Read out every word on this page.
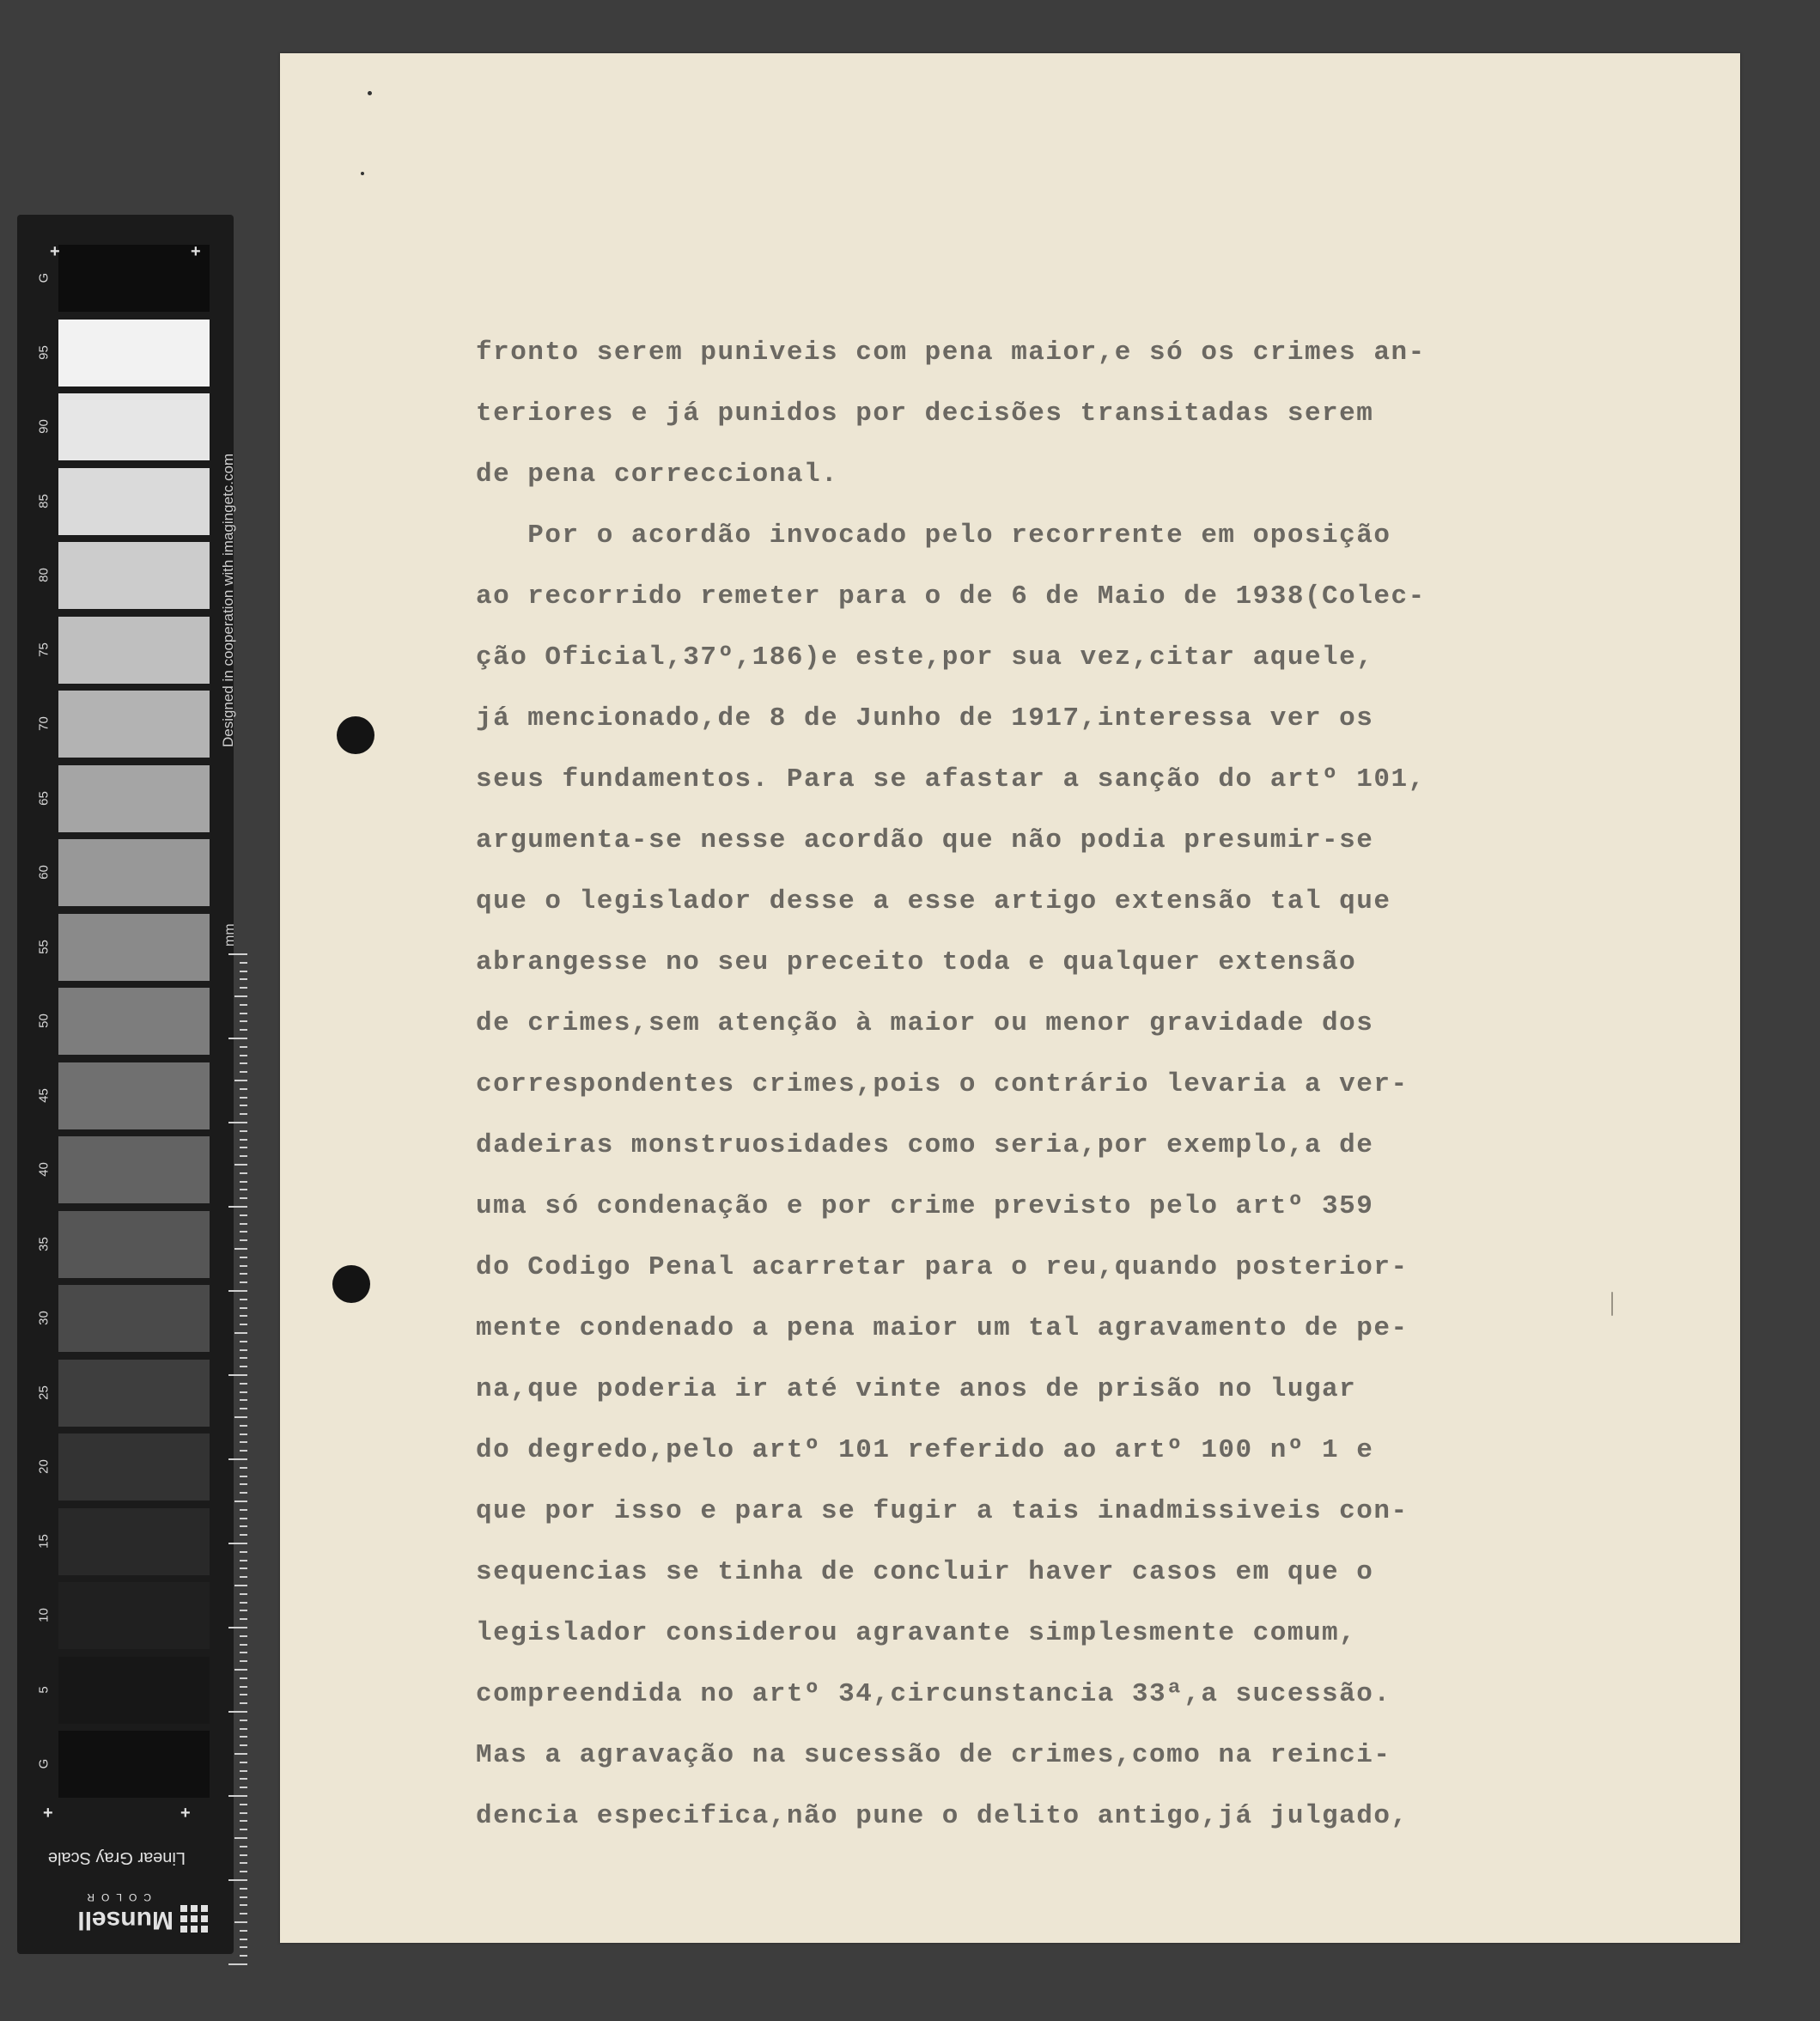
G
95
90
85
80
75
70
65
60
55
50
45
40
35
30
25
20
15
10
5
G
+	+
+	+
Designed in cooperation with imagingetc.com
mm
Munsell
COLOR
Linear Gray Scale
fronto serem puniveis com pena maior,e só os crimes an-
teriores e já punidos por decisões transitadas serem
de pena correccional.
Por o acordão invocado pelo recorrente em oposição
ao recorrido remeter para o de 6 de Maio de 1938(Colec-
ção Oficial,37º,186)e este,por sua vez,citar aquele,
já mencionado,de 8 de Junho de 1917,interessa ver os
seus fundamentos. Para se afastar a sanção do artº 101,
argumenta-se nesse acordão que não podia presumir-se
que o legislador desse a esse artigo extensão tal que
abrangesse no seu preceito toda e qualquer extensão
de crimes,sem atenção à maior ou menor gravidade dos
correspondentes crimes,pois o contrário levaria a ver-
dadeiras monstruosidades como seria,por exemplo,a de
uma só condenação e por crime previsto pelo artº 359
do Codigo Penal acarretar para o reu,quando posterior-
mente condenado a pena maior um tal agravamento de pe-
na,que poderia ir até vinte anos de prisão no lugar
do degredo,pelo artº 101 referido ao artº 100 nº 1 e
que por isso e para se fugir a tais inadmissiveis con-
sequencias se tinha de concluir haver casos em que o
legislador considerou agravante simplesmente comum,
compreendida no artº 34,circunstancia 33ª,a sucessão.
Mas a agravação na sucessão de crimes,como na reinci-
dencia especifica,não pune o delito antigo,já julgado,
